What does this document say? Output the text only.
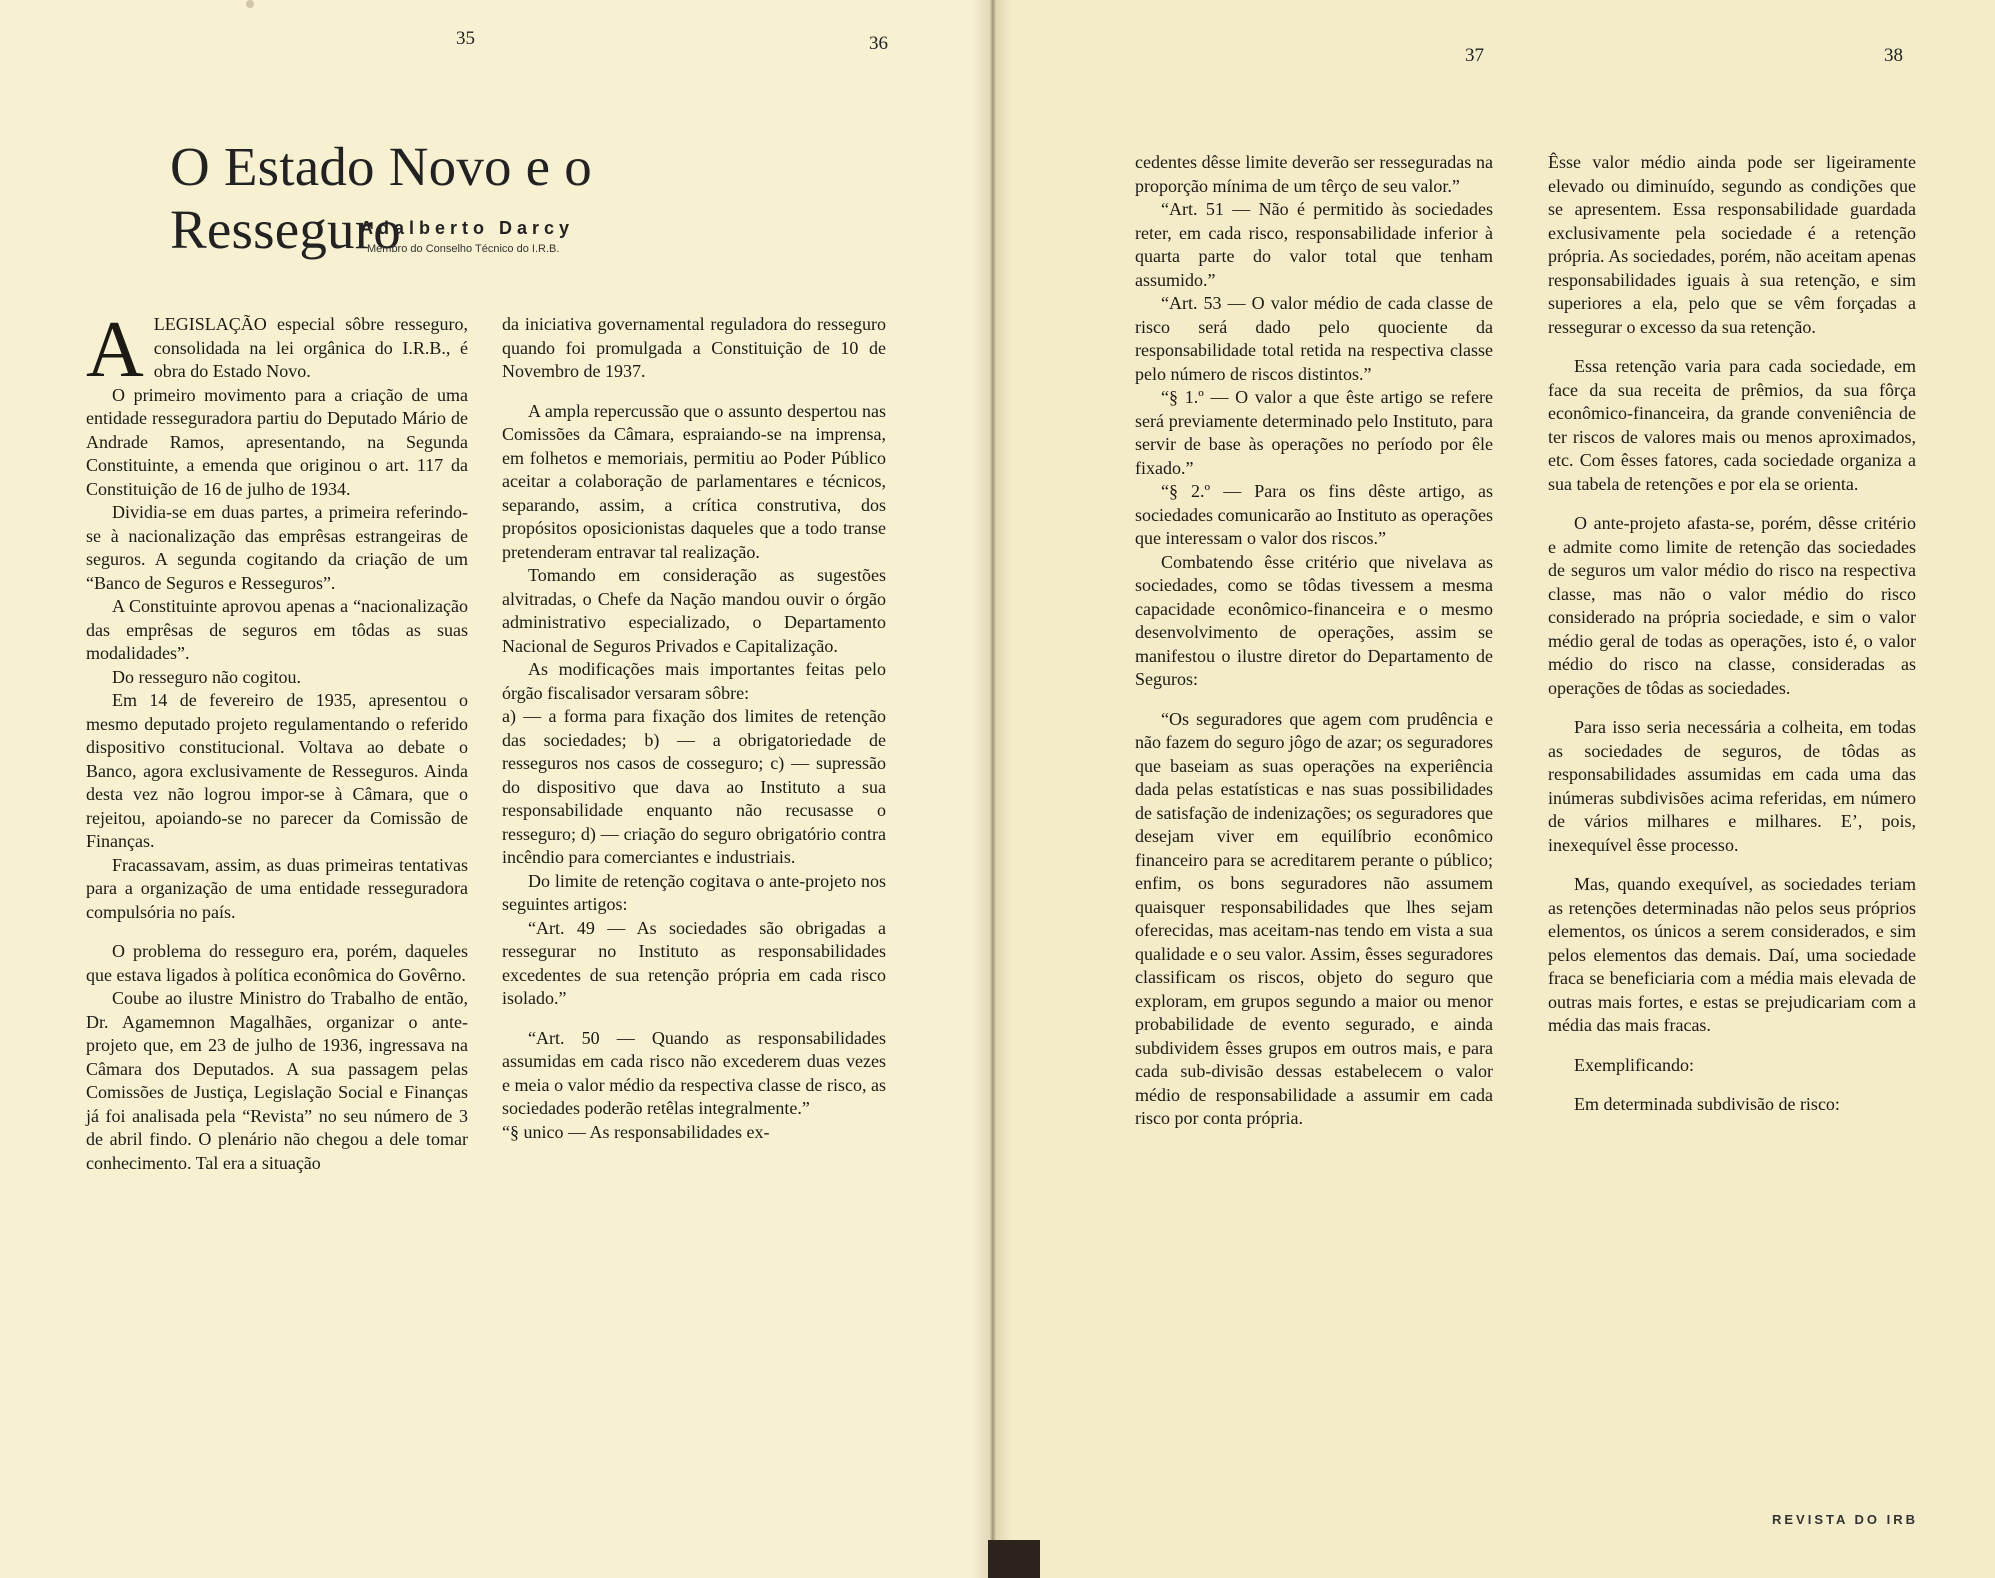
35	36
37	38
O Estado Novo e o Resseguro
Adalberto Darcy
Membro do Conselho Técnico do I.R.B.

A LEGISLAÇÃO especial sôbre resseguro, consolidada na lei orgânica do I.R.B., é obra do Estado Novo.

O primeiro movimento para a criação de uma entidade resseguradora partiu do Deputado Mário de Andrade Ramos, apresentando, na Segunda Constituinte, a emenda que originou o art. 117 da Constituição de 16 de julho de 1934.

Dividia-se em duas partes, a primeira referindo-se à nacionalização das emprêsas estrangeiras de seguros. A segunda cogitando da criação de um “Banco de Seguros e Resseguros”.

A Constituinte aprovou apenas a “nacionalização das emprêsas de seguros em tôdas as suas modalidades”.

Do resseguro não cogitou.

Em 14 de fevereiro de 1935, apresentou o mesmo deputado projeto regulamentando o referido dispositivo constitucional. Voltava ao debate o Banco, agora exclusivamente de Resseguros. Ainda desta vez não logrou impor-se à Câmara, que o rejeitou, apoiando-se no parecer da Comissão de Finanças.

Fracassavam, assim, as duas primeiras tentativas para a organização de uma entidade resseguradora compulsória no país.

O problema do resseguro era, porém, daqueles que estava ligados à política econômica do Govêrno.

Coube ao ilustre Ministro do Trabalho de então, Dr. Agamemnon Magalhães, organizar o ante-projeto que, em 23 de julho de 1936, ingressava na Câmara dos Deputados. A sua passagem pelas Comissões de Justiça, Legislação Social e Finanças já foi analisada pela “Revista” no seu número de 3 de abril findo. O plenário não chegou a dele tomar conhecimento. Tal era a situação

da iniciativa governamental reguladora do resseguro quando foi promulgada a Constituição de 10 de Novembro de 1937.

A ampla repercussão que o assunto despertou nas Comissões da Câmara, espraiando-se na imprensa, em folhetos e memoriais, permitiu ao Poder Público aceitar a colaboração de parlamentares e técnicos, separando, assim, a crítica construtiva, dos propósitos oposicionistas daqueles que a todo transe pretenderam entravar tal realização.

Tomando em consideração as sugestões alvitradas, o Chefe da Nação mandou ouvir o órgão administrativo especializado, o Departamento Nacional de Seguros Privados e Capitalização.

As modificações mais importantes feitas pelo órgão fiscalisador versaram sôbre:

a) — a forma para fixação dos limites de retenção das sociedades; b) — a obrigatoriedade de resseguros nos casos de cosseguro; c) — supressão do dispositivo que dava ao Instituto a sua responsabilidade enquanto não recusasse o resseguro; d) — criação do seguro obrigatório contra incêndio para comerciantes e industriais.

Do limite de retenção cogitava o ante-projeto nos seguintes artigos:

“Art. 49 — As sociedades são obrigadas a ressegurar no Instituto as responsabilidades excedentes de sua retenção própria em cada risco isolado.”

“Art. 50 — Quando as responsabilidades assumidas em cada risco não excederem duas vezes e meia o valor médio da respectiva classe de risco, as sociedades poderão retêlas integralmente.”

“§ unico — As responsabilidades ex-

cedentes dêsse limite deverão ser resseguradas na proporção mínima de um têrço de seu valor.”

“Art. 51 — Não é permitido às sociedades reter, em cada risco, responsabilidade inferior à quarta parte do valor total que tenham assumido.”

“Art. 53 — O valor médio de cada classe de risco será dado pelo quociente da responsabilidade total retida na respectiva classe pelo número de riscos distintos.”

“§ 1.º — O valor a que êste artigo se refere será previamente determinado pelo Instituto, para servir de base às operações no período por êle fixado.”

“§ 2.º — Para os fins dêste artigo, as sociedades comunicarão ao Instituto as operações que interessam o valor dos riscos.”

Combatendo êsse critério que nivelava as sociedades, como se tôdas tivessem a mesma capacidade econômico-financeira e o mesmo desenvolvimento de operações, assim se manifestou o ilustre diretor do Departamento de Seguros:

“Os seguradores que agem com prudência e não fazem do seguro jôgo de azar; os seguradores que baseiam as suas operações na experiência dada pelas estatísticas e nas suas possibilidades de satisfação de indenizações; os seguradores que desejam viver em equilíbrio econômico financeiro para se acreditarem perante o público; enfim, os bons seguradores não assumem quaisquer responsabilidades que lhes sejam oferecidas, mas aceitam-nas tendo em vista a sua qualidade e o seu valor. Assim, êsses seguradores classificam os riscos, objeto do seguro que exploram, em grupos segundo a maior ou menor probabilidade de evento segurado, e ainda subdividem êsses grupos em outros mais, e para cada sub-divisão dessas estabelecem o valor médio de responsabilidade a assumir em cada risco por conta própria.

Êsse valor médio ainda pode ser ligeiramente elevado ou diminuído, segundo as condições que se apresentem. Essa responsabilidade guardada exclusivamente pela sociedade é a retenção própria. As sociedades, porém, não aceitam apenas responsabilidades iguais à sua retenção, e sim superiores a ela, pelo que se vêm forçadas a ressegurar o excesso da sua retenção.

Essa retenção varia para cada sociedade, em face da sua receita de prêmios, da sua fôrça econômico-financeira, da grande conveniência de ter riscos de valores mais ou menos aproximados, etc. Com êsses fatores, cada sociedade organiza a sua tabela de retenções e por ela se orienta.

O ante-projeto afasta-se, porém, dêsse critério e admite como limite de retenção das sociedades de seguros um valor médio do risco na respectiva classe, mas não o valor médio do risco considerado na própria sociedade, e sim o valor médio geral de todas as operações, isto é, o valor médio do risco na classe, consideradas as operações de tôdas as sociedades.

Para isso seria necessária a colheita, em todas as sociedades de seguros, de tôdas as responsabilidades assumidas em cada uma das inúmeras subdivisões acima referidas, em número de vários milhares e milhares. E’, pois, inexequível êsse processo.

Mas, quando exequível, as sociedades teriam as retenções determinadas não pelos seus próprios elementos, os únicos a serem considerados, e sim pelos elementos das demais. Daí, uma sociedade fraca se beneficiaria com a média mais elevada de outras mais fortes, e estas se prejudicariam com a média das mais fracas.

Exemplificando:

Em determinada subdivisão de risco:

REVISTA DO IRB
